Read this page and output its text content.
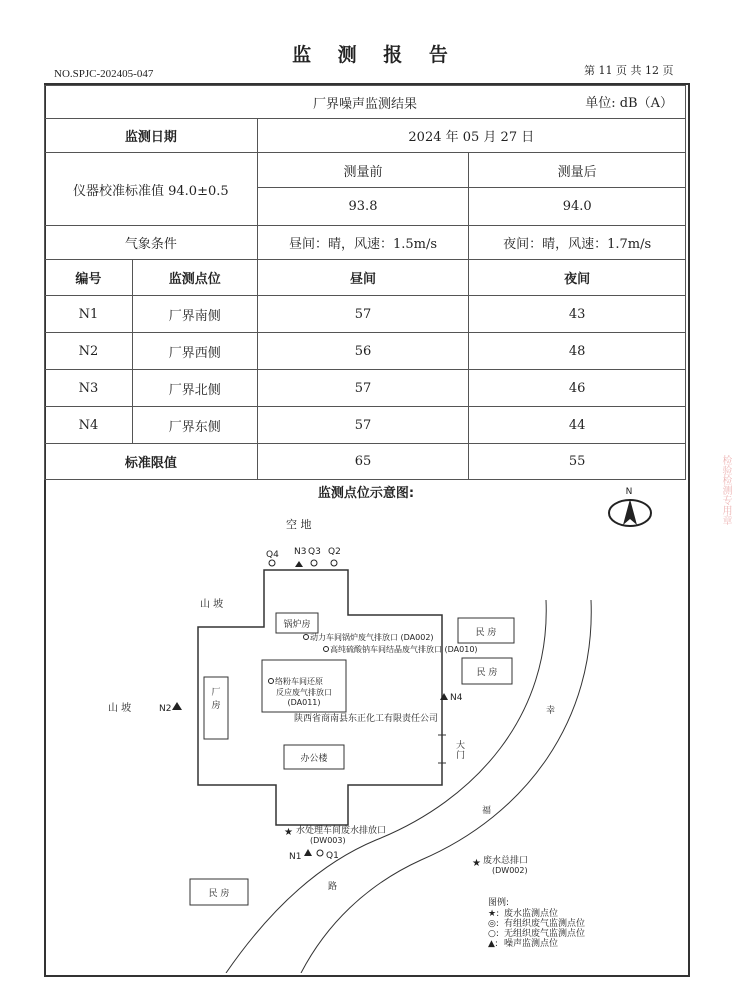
监 测 报 告
NO.SPJC-202405-047	第 11 页 共 12 页
厂界噪声监测结果 单位: dB（A）			

监测日期		2024 年 05 月 27 日	
仪器校准标准值 94.0±0.5		测量前	测量后
		93.8	94.0
气象条件		昼间：晴，风速：1.5m/s	夜间：晴，风速：1.7m/s
编号	监测点位	昼间	夜间
N1	厂界南侧	57	43
N2	厂界西侧	56	48
N3	厂界北侧	57	46
N4	厂界东侧	57	44
标准限值		65	55
监测点位示意图:	N
空 地
Q4 N3 Q3 Q2
山 坡
锅炉房
动力车间锅炉废气排放口 (DA002)
高纯硫酸钠车间结晶废气排放口 (DA010)
络粉车间还原
反应废气排放口
(DA011)
厂房
陕西省商南县东正化工有限责任公司
办公楼
大门
山 坡	N2
N4
民 房
民 房
幸
福
路
★ 水处理车间废水排放口
(DW003)
N1	Q1
★ 废水总排口
(DW002)
民 房
图例:
★: 废水监测点位
◎: 有组织废气监测点位
○: 无组织废气监测点位
▲: 噪声监测点位
检验检测专用章
